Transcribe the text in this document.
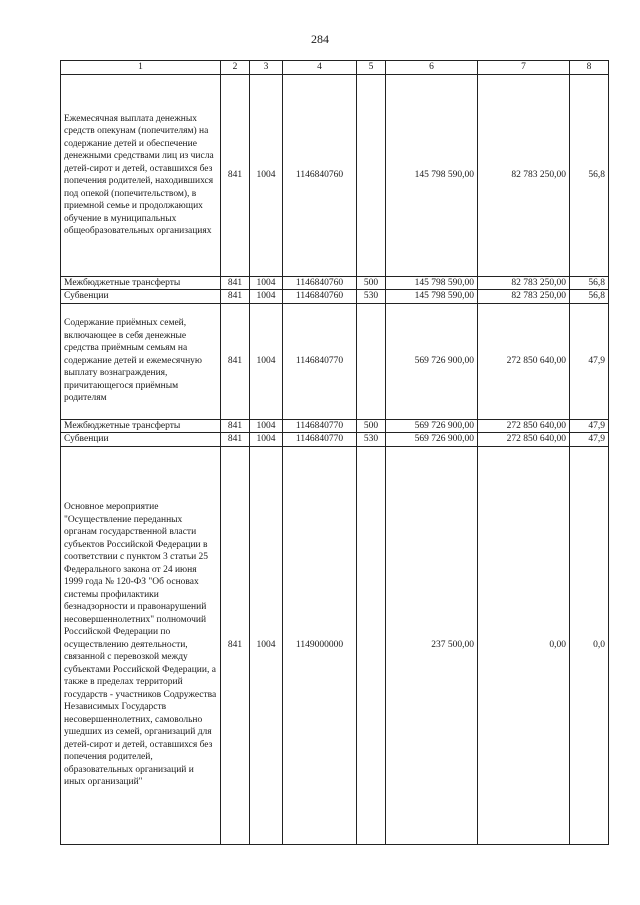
284
1	2	3	4	5	6	7	8
Ежемесячная выплата денежных средств опекунам (попечителям) на содержание детей и обеспечение денежными средствами лиц из числа детей-сирот и детей, оставшихся без попечения родителей, находившихся под опекой (попечительством), в приемной семье и продолжающих обучение в муниципальных общеобразовательных организациях	841	1004	1146840760		145 798 590,00	82 783 250,00	56,8
Межбюджетные трансферты	841	1004	1146840760	500	145 798 590,00	82 783 250,00	56,8
Субвенции	841	1004	1146840760	530	145 798 590,00	82 783 250,00	56,8
Содержание приёмных семей, включающее в себя денежные средства приёмным семьям на содержание детей и ежемесячную выплату вознаграждения, причитающегося приёмным родителям	841	1004	1146840770		569 726 900,00	272 850 640,00	47,9
Межбюджетные трансферты	841	1004	1146840770	500	569 726 900,00	272 850 640,00	47,9
Субвенции	841	1004	1146840770	530	569 726 900,00	272 850 640,00	47,9
Основное мероприятие "Осуществление переданных органам государственной власти субъектов Российской Федерации в соответствии с пунктом 3 статьи 25 Федерального закона от 24 июня 1999 года № 120-ФЗ "Об основах системы профилактики безнадзорности и правонарушений несовершеннолетних" полномочий Российской Федерации по осуществлению деятельности, связанной с перевозкой между субъектами Российской Федерации, а также в пределах территорий государств - участников Содружества Независимых Государств несовершеннолетних, самовольно ушедших из семей, организаций для детей-сирот и детей, оставшихся без попечения родителей, образовательных организаций и иных организаций"	841	1004	1149000000		237 500,00	0,00	0,0
